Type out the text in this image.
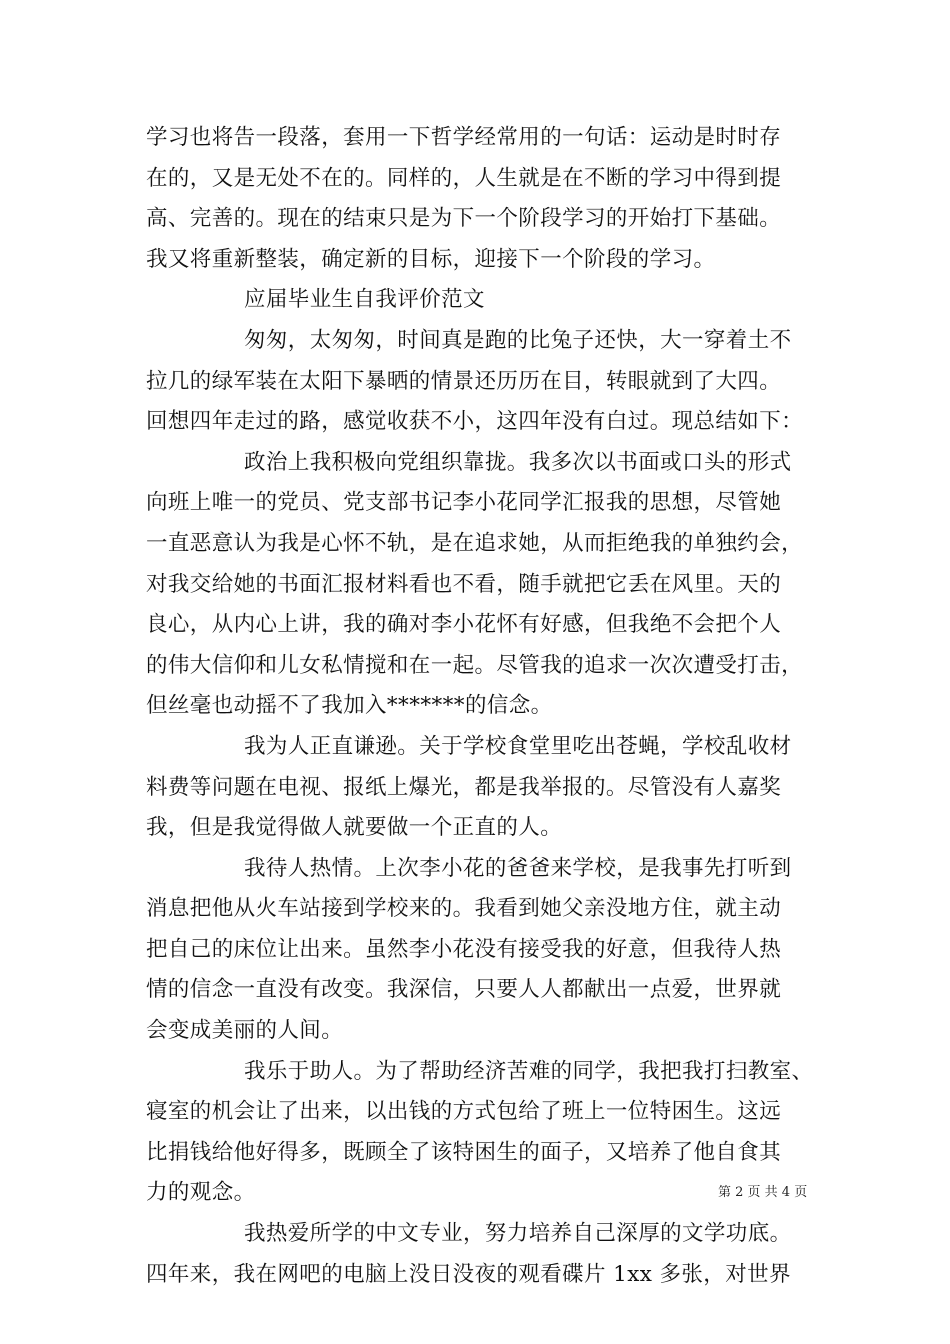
学习也将告一段落，套用一下哲学经常用的一句话：运动是时时存
在的，又是无处不在的。同样的，人生就是在不断的学习中得到提
高、完善的。现在的结束只是为下一个阶段学习的开始打下基础。
我又将重新整装，确定新的目标，迎接下一个阶段的学习。
应届毕业生自我评价范文
匆匆，太匆匆，时间真是跑的比兔子还快，大一穿着土不
拉几的绿军装在太阳下暴晒的情景还历历在目，转眼就到了大四。
回想四年走过的路，感觉收获不小，这四年没有白过。现总结如下：
政治上我积极向党组织靠拢。我多次以书面或口头的形式
向班上唯一的党员、党支部书记李小花同学汇报我的思想，尽管她
一直恶意认为我是心怀不轨，是在追求她，从而拒绝我的单独约会，
对我交给她的书面汇报材料看也不看，随手就把它丢在风里。天的
良心，从内心上讲，我的确对李小花怀有好感，但我绝不会把个人
的伟大信仰和儿女私情搅和在一起。尽管我的追求一次次遭受打击，
但丝毫也动摇不了我加入*******的信念。
我为人正直谦逊。关于学校食堂里吃出苍蝇，学校乱收材
料费等问题在电视、报纸上爆光，都是我举报的。尽管没有人嘉奖
我，但是我觉得做人就要做一个正直的人。
我待人热情。上次李小花的爸爸来学校，是我事先打听到
消息把他从火车站接到学校来的。我看到她父亲没地方住，就主动
把自己的床位让出来。虽然李小花没有接受我的好意，但我待人热
情的信念一直没有改变。我深信，只要人人都献出一点爱，世界就
会变成美丽的人间。
我乐于助人。为了帮助经济苦难的同学，我把我打扫教室、
寝室的机会让了出来，以出钱的方式包给了班上一位特困生。这远
比捐钱给他好得多，既顾全了该特困生的面子，又培养了他自食其
力的观念。
我热爱所学的中文专业，努力培养自己深厚的文学功底。
四年来，我在网吧的电脑上没日没夜的观看碟片 1xx 多张，对世界
第 2 页 共 4 页
